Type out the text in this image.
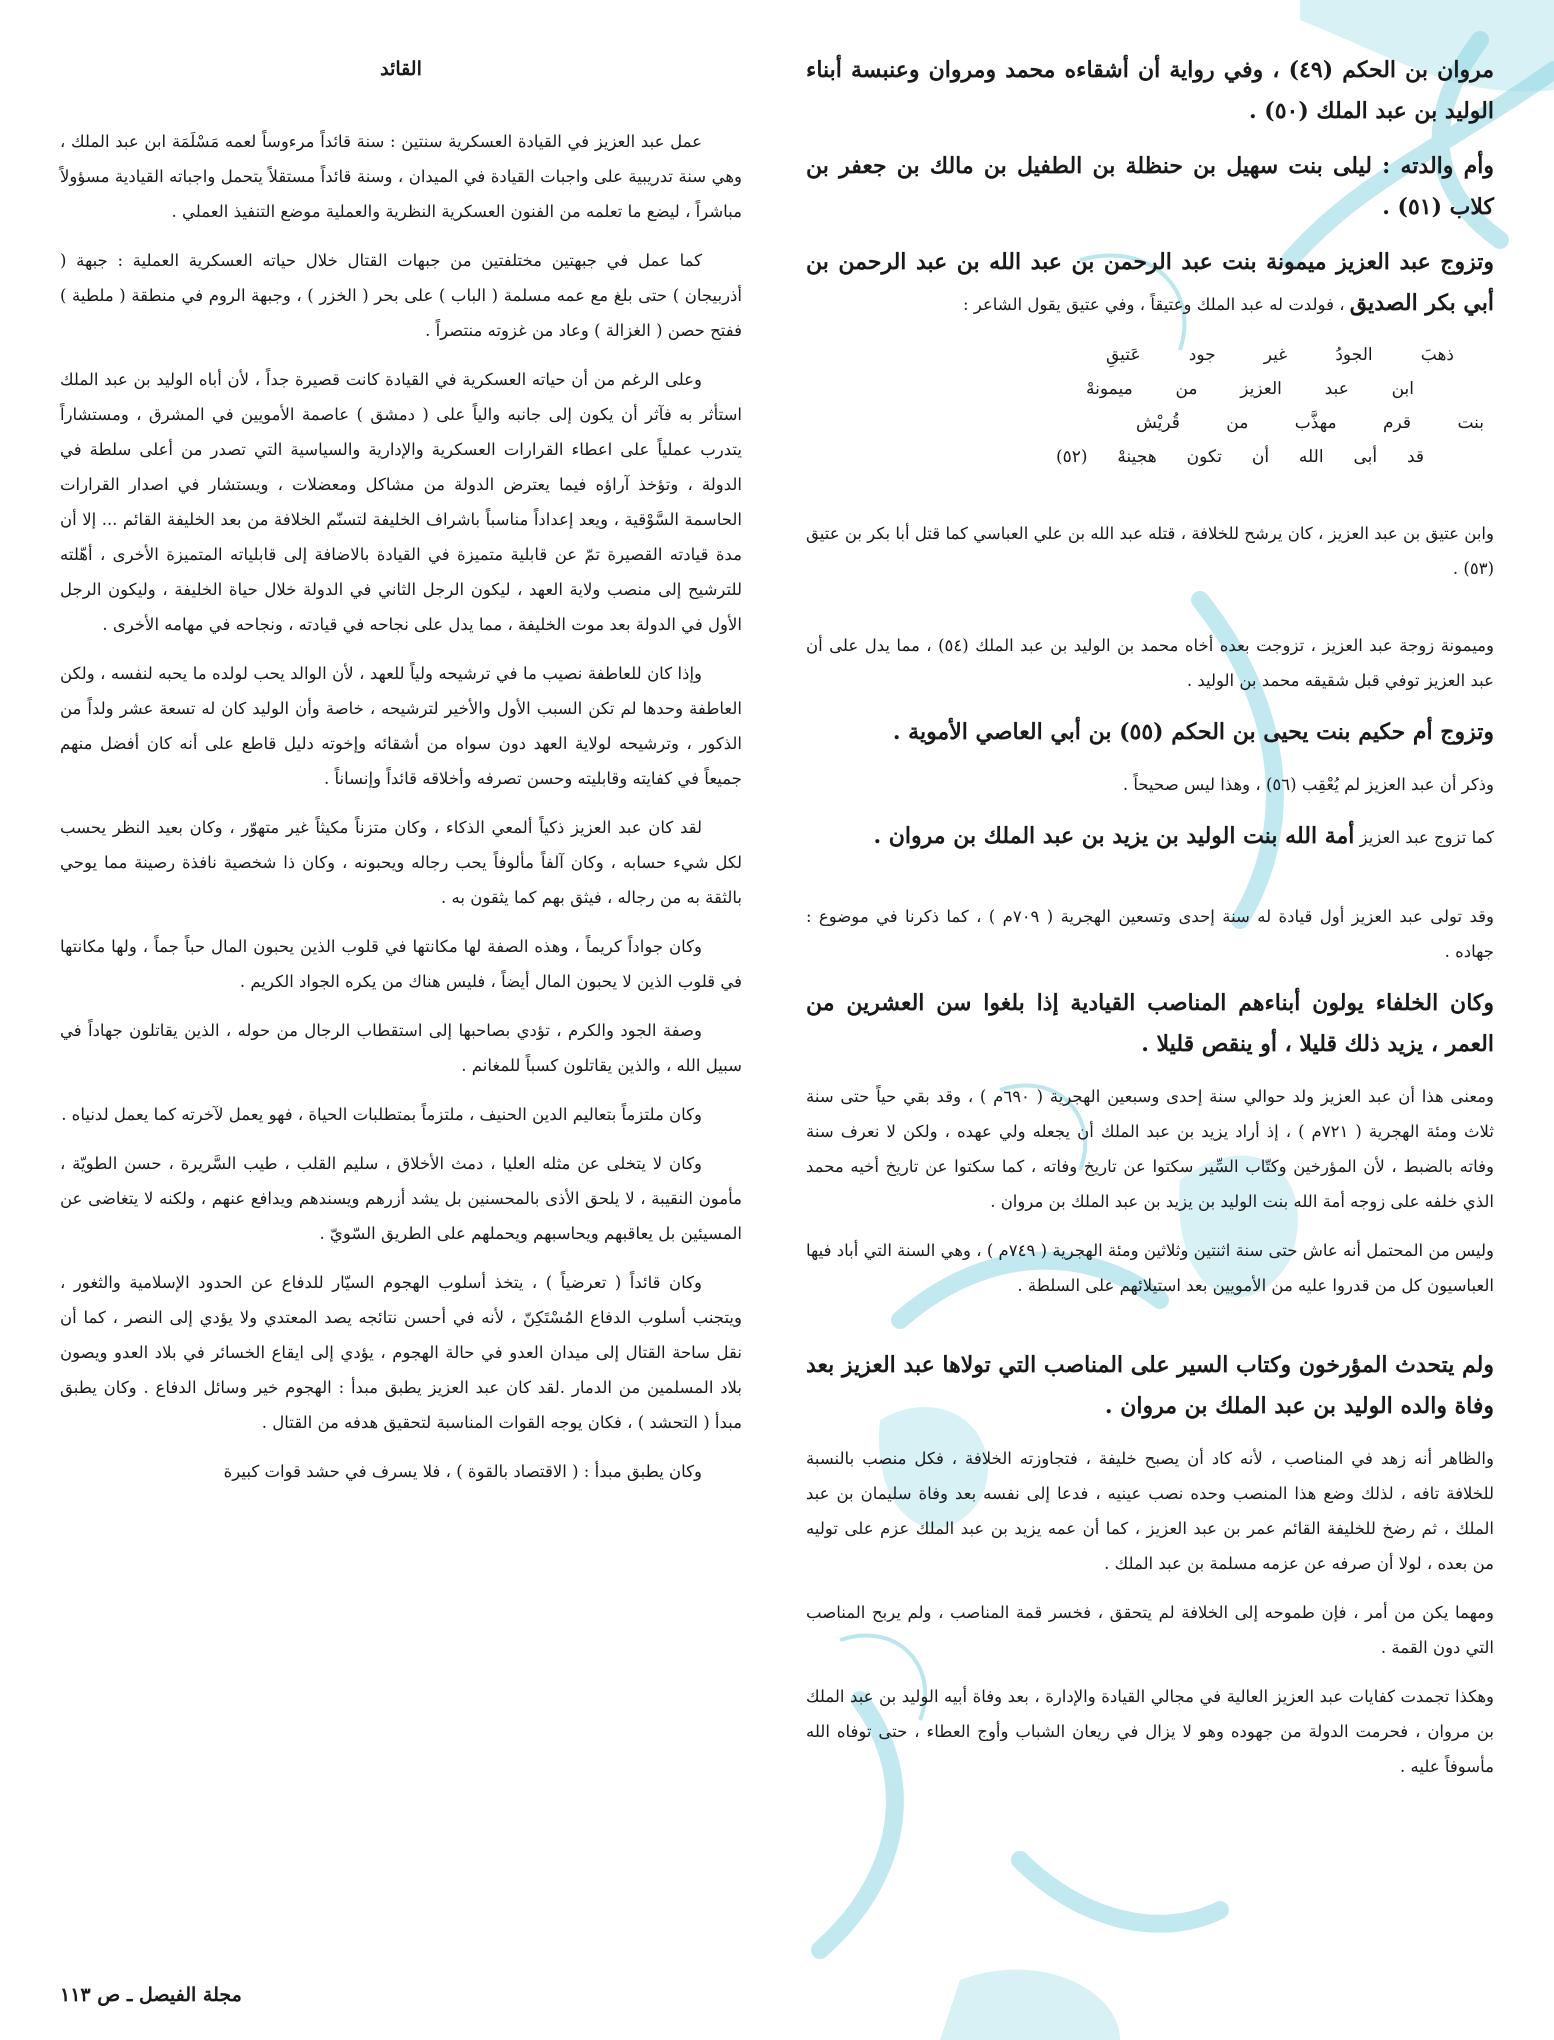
مروان بن الحكم (٤٩) ، وفي رواية أن أشقاءه محمد ومروان وعنبسة أبناء الوليد بن عبد الملك (٥٠) .

وأم والدته : ليلى بنت سهيل بن حنظلة بن الطفيل بن مالك بن جعفر بن كلاب (٥١) .

وتزوج عبد العزيز ميمونة بنت عبد الرحمن بن عبد الله بن عبد الرحمن بن أبي بكر الصديق ، فولدت له عبد الملك وعتيقاً ، وفي عتيق يقول الشاعر :

ذهبَ الجودُ غير جود عَتيقِ
ابن عبد العزيز من ميمونهْ
بنت قرم مهذَّب من قُريْش
قد أبى الله أن تكون هجينهْ (٥٢)

وابن عتيق بن عبد العزيز ، كان يرشح للخلافة ، قتله عبد الله بن علي العباسي كما قتل أبا بكر بن عتيق (٥٣) .

وميمونة زوجة عبد العزيز ، تزوجت بعده أخاه محمد بن الوليد بن عبد الملك (٥٤) ، مما يدل على أن عبد العزيز توفي قبل شقيقه محمد بن الوليد .

وتزوج أم حكيم بنت يحيى بن الحكم (٥٥) بن أبي العاصي الأموية .

وذكر أن عبد العزيز لم يُعْقِب (٥٦) ، وهذا ليس صحيحاً .

كما تزوج عبد العزيز أمة الله بنت الوليد بن يزيد بن عبد الملك بن مروان .

وقد تولى عبد العزيز أول قيادة له سنة إحدى وتسعين الهجرية ( ٧٠٩م ) ، كما ذكرنا في موضوع : جهاده .

وكان الخلفاء يولون أبناءهم المناصب القيادية إذا بلغوا سن العشرين من العمر ، يزيد ذلك قليلا ، أو ينقص قليلا .

ومعنى هذا أن عبد العزيز ولد حوالي سنة إحدى وسبعين الهجرية ( ٦٩٠م ) ، وقد بقي حياً حتى سنة ثلاث ومئة الهجرية ( ٧٢١م ) ، إذ أراد يزيد بن عبد الملك أن يجعله ولي عهده ، ولكن لا نعرف سنة وفاته بالضبط ، لأن المؤرخين وكتّاب السِّير سكتوا عن تاريخ وفاته ، كما سكتوا عن تاريخ أخيه محمد الذي خلفه على زوجه أمة الله بنت الوليد بن يزيد بن عبد الملك بن مروان .

وليس من المحتمل أنه عاش حتى سنة اثنتين وثلاثين ومئة الهجرية ( ٧٤٩م ) ، وهي السنة التي أباد فيها العباسيون كل من قدروا عليه من الأمويين بعد استيلائهم على السلطة .

ولم يتحدث المؤرخون وكتاب السير على المناصب التي تولاها عبد العزيز بعد وفاة والده الوليد بن عبد الملك بن مروان .

والظاهر أنه زهد في المناصب ، لأنه كاد أن يصبح خليفة ، فتجاوزته الخلافة ، فكل منصب بالنسبة للخلافة تافه ، لذلك وضع هذا المنصب وحده نصب عينيه ، فدعا إلى نفسه بعد وفاة سليمان بن عبد الملك ، ثم رضخ للخليفة القائم عمر بن عبد العزيز ، كما أن عمه يزيد بن عبد الملك عزم على توليه من بعده ، لولا أن صرفه عن عزمه مسلمة بن عبد الملك .

ومهما يكن من أمر ، فإن طموحه إلى الخلافة لم يتحقق ، فخسر قمة المناصب ، ولم يربح المناصب التي دون القمة .

وهكذا تجمدت كفايات عبد العزيز العالية في مجالي القيادة والإدارة ، بعد وفاة أبيه الوليد بن عبد الملك بن مروان ، فحرمت الدولة من جهوده وهو لا يزال في ريعان الشباب وأوج العطاء ، حتى توفاه الله مأسوفاً عليه .

القائد

عمل عبد العزيز في القيادة العسكرية سنتين : سنة قائداً مرءوساً لعمه مَسْلَمَة ابن عبد الملك ، وهي سنة تدريبية على واجبات القيادة في الميدان ، وسنة قائداً مستقلاً يتحمل واجباته القيادية مسؤولاً مباشراً ، ليضع ما تعلمه من الفنون العسكرية النظرية والعملية موضع التنفيذ العملي .

كما عمل في جبهتين مختلفتين من جبهات القتال خلال حياته العسكرية العملية : جبهة ( أذربيجان ) حتى بلغ مع عمه مسلمة ( الباب ) على بحر ( الخزر ) ، وجبهة الروم في منطقة ( ملطية ) ففتح حصن ( الغزالة ) وعاد من غزوته منتصراً .

وعلى الرغم من أن حياته العسكرية في القيادة كانت قصيرة جداً ، لأن أباه الوليد بن عبد الملك استأثر به فآثر أن يكون إلى جانبه والياً على ( دمشق ) عاصمة الأمويين في المشرق ، ومستشاراً يتدرب عملياً على اعطاء القرارات العسكرية والإدارية والسياسية التي تصدر من أعلى سلطة في الدولة ، وتؤخذ آراؤه فيما يعترض الدولة من مشاكل ومعضلات ، ويستشار في اصدار القرارات الحاسمة السَّوْقية ، ويعد إعداداً مناسباً باشراف الخليفة لتسنّم الخلافة من بعد الخليفة القائم ... إلا أن مدة قيادته القصيرة تمّ عن قابلية متميزة في القيادة بالاضافة إلى قابلياته المتميزة الأخرى ، أهّلته للترشيح إلى منصب ولاية العهد ، ليكون الرجل الثاني في الدولة خلال حياة الخليفة ، وليكون الرجل الأول في الدولة بعد موت الخليفة ، مما يدل على نجاحه في قيادته ، ونجاحه في مهامه الأخرى .

وإذا كان للعاطفة نصيب ما في ترشيحه ولياً للعهد ، لأن الوالد يحب لولده ما يحبه لنفسه ، ولكن العاطفة وحدها لم تكن السبب الأول والأخير لترشيحه ، خاصة وأن الوليد كان له تسعة عشر ولداً من الذكور ، وترشيحه لولاية العهد دون سواه من أشقائه وإخوته دليل قاطع على أنه كان أفضل منهم جميعاً في كفايته وقابليته وحسن تصرفه وأخلاقه قائداً وإنساناً .

لقد كان عبد العزيز ذكياً ألمعي الذكاء ، وكان متزناً مكيثاً غير متهوّر ، وكان بعيد النظر يحسب لكل شيء حسابه ، وكان آلفاً مألوفاً يحب رجاله ويحبونه ، وكان ذا شخصية نافذة رصينة مما يوحي بالثقة به من رجاله ، فيثق بهم كما يثقون به .

وكان جواداً كريماً ، وهذه الصفة لها مكانتها في قلوب الذين يحبون المال حباً جماً ، ولها مكانتها في قلوب الذين لا يحبون المال أيضاً ، فليس هناك من يكره الجواد الكريم .

وصفة الجود والكرم ، تؤدي بصاحبها إلى استقطاب الرجال من حوله ، الذين يقاتلون جهاداً في سبيل الله ، والذين يقاتلون كسباً للمغانم .

وكان ملتزماً بتعاليم الدين الحنيف ، ملتزماً بمتطلبات الحياة ، فهو يعمل لآخرته كما يعمل لدنياه .

وكان لا يتخلى عن مثله العليا ، دمث الأخلاق ، سليم القلب ، طيب السَّريرة ، حسن الطويّة ، مأمون النقيبة ، لا يلحق الأذى بالمحسنين بل يشد أزرهم ويسندهم ويدافع عنهم ، ولكنه لا يتغاضى عن المسيئين بل يعاقبهم ويحاسبهم ويحملهم على الطريق السّويّ .

وكان قائداً ( تعرضياً ) ، يتخذ أسلوب الهجوم السيّار للدفاع عن الحدود الإسلامية والثغور ، ويتجنب أسلوب الدفاع المُسْتَكِنّ ، لأنه في أحسن نتائجه يصد المعتدي ولا يؤدي إلى النصر ، كما أن نقل ساحة القتال إلى ميدان العدو في حالة الهجوم ، يؤدي إلى ايقاع الخسائر في بلاد العدو ويصون بلاد المسلمين من الدمار .لقد كان عبد العزيز يطبق مبدأ : الهجوم خير وسائل الدفاع . وكان يطبق مبدأ ( التحشد ) ، فكان يوجه القوات المناسبة لتحقيق هدفه من القتال .

وكان يطبق مبدأ : ( الاقتصاد بالقوة ) ، فلا يسرف في حشد قوات كبيرة

مجلة الفيصل ـ ص ١١٣
